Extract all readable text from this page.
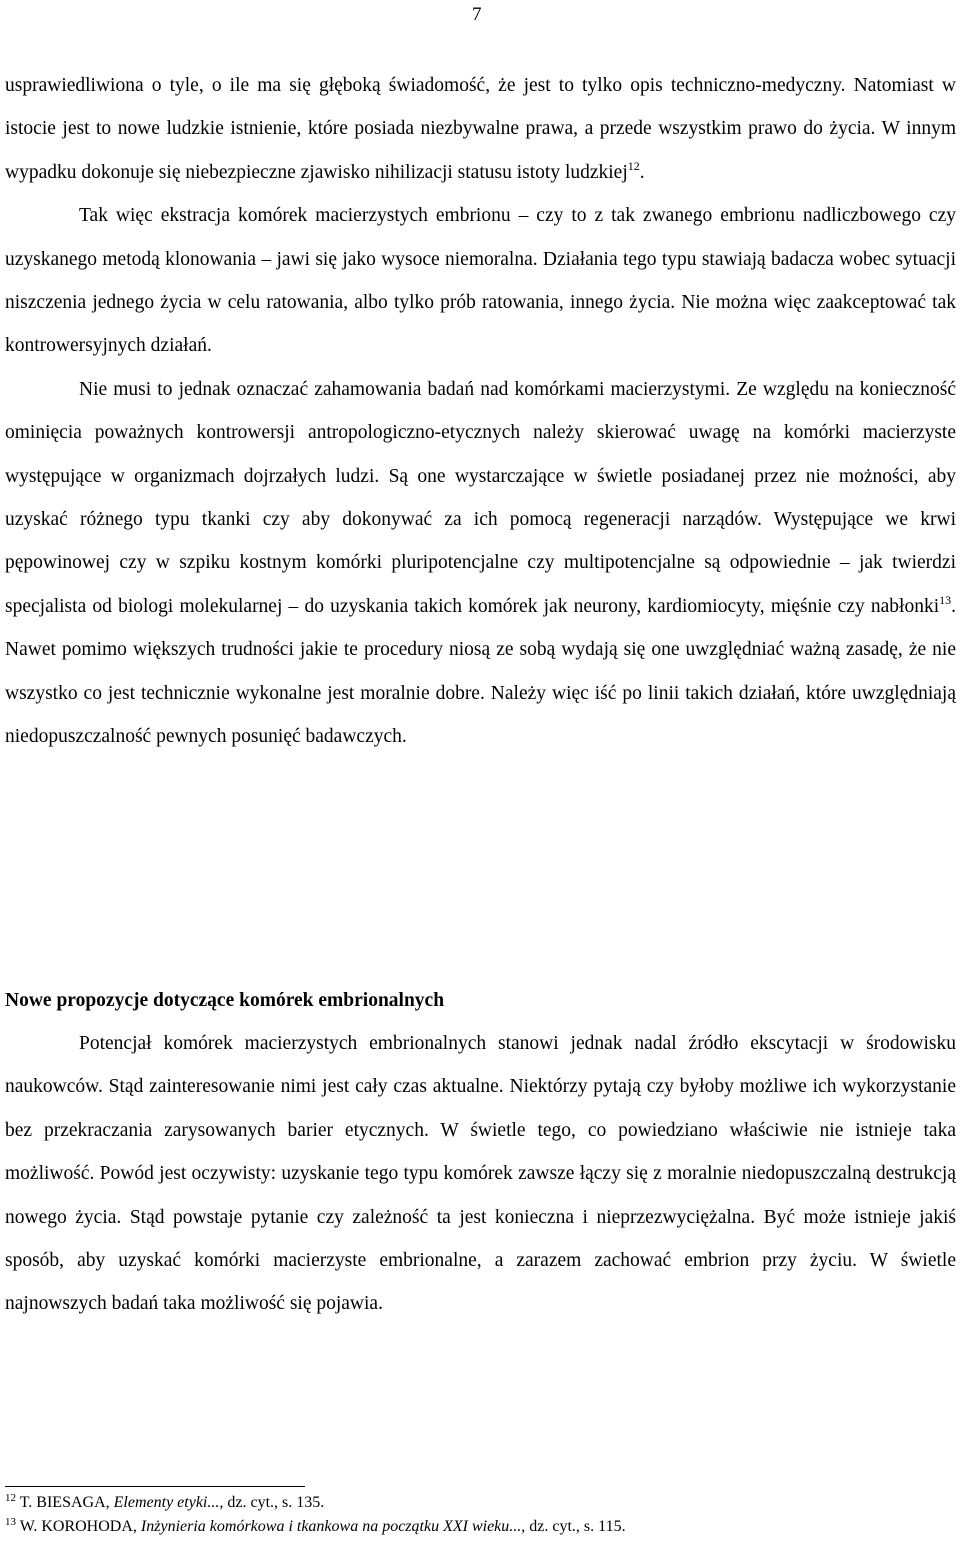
7

usprawiedliwiona o tyle, o ile ma się głęboką świadomość, że jest to tylko opis techniczno-medyczny. Natomiast w istocie jest to nowe ludzkie istnienie, które posiada niezbywalne prawa, a przede wszystkim prawo do życia. W innym wypadku dokonuje się niebezpieczne zjawisko nihilizacji statusu istoty ludzkiej$^{12}$.

Tak więc ekstracja komórek macierzystych embrionu – czy to z tak zwanego embrionu nadliczbowego czy uzyskanego metodą klonowania – jawi się jako wysoce niemoralna. Działania tego typu stawiają badacza wobec sytuacji niszczenia jednego życia w celu ratowania, albo tylko prób ratowania, innego życia. Nie można więc zaakceptować tak kontrowersyjnych działań.

Nie musi to jednak oznaczać zahamowania badań nad komórkami macierzystymi. Ze względu na konieczność ominięcia poważnych kontrowersji antropologiczno-etycznych należy skierować uwagę na komórki macierzyste występujące w organizmach dojrzałych ludzi. Są one wystarczające w świetle posiadanej przez nie możności, aby uzyskać różnego typu tkanki czy aby dokonywać za ich pomocą regeneracji narządów. Występujące we krwi pępowinowej czy w szpiku kostnym komórki pluripotencjalne czy multipotencjalne są odpowiednie – jak twierdzi specjalista od biologi molekularnej – do uzyskania takich komórek jak neurony, kardiomiocyty, mięśnie czy nabłonki$^{13}$. Nawet pomimo większych trudności jakie te procedury niosą ze sobą wydają się one uwzględniać ważną zasadę, że nie wszystko co jest technicznie wykonalne jest moralnie dobre. Należy więc iść po linii takich działań, które uwzględniają niedopuszczalność pewnych posunięć badawczych.

Nowe propozycje dotyczące komórek embrionalnych

Potencjał komórek macierzystych embrionalnych stanowi jednak nadal źródło ekscytacji w środowisku naukowców. Stąd zainteresowanie nimi jest cały czas aktualne. Niektórzy pytają czy byłoby możliwe ich wykorzystanie bez przekraczania zarysowanych barier etycznych. W świetle tego, co powiedziano właściwie nie istnieje taka możliwość. Powód jest oczywisty: uzyskanie tego typu komórek zawsze łączy się z moralnie niedopuszczalną destrukcją nowego życia. Stąd powstaje pytanie czy zależność ta jest konieczna i nieprzezwyciężalna. Być może istnieje jakiś sposób, aby uzyskać komórki macierzyste embrionalne, a zarazem zachować embrion przy życiu. W świetle najnowszych badań taka możliwość się pojawia.

$^{12}$ T. BIESAGA, Elementy etyki..., dz. cyt., s. 135.
$^{13}$ W. KOROHODA, Inżynieria komórkowa i tkankowa na początku XXI wieku..., dz. cyt., s. 115.
